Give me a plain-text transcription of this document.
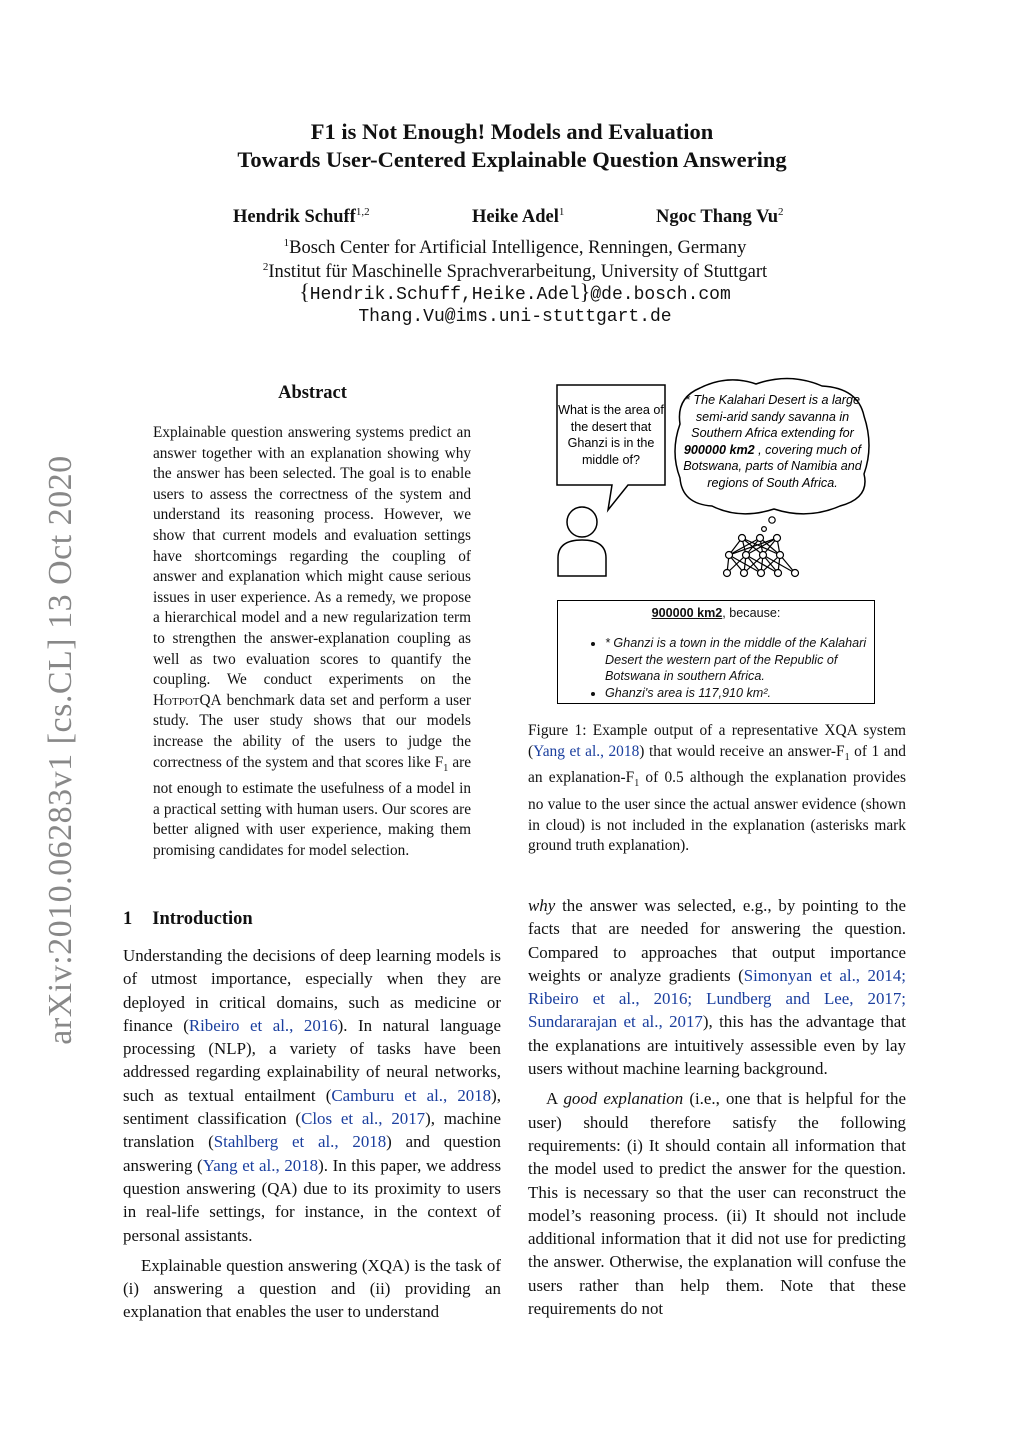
arXiv:2010.06283v1 [cs.CL] 13 Oct 2020
F1 is Not Enough! Models and Evaluation
Towards User-Centered Explainable Question Answering
Hendrik Schuff$^{1,2}$	Heike Adel$^1$	Ngoc Thang Vu$^2$
$^1$Bosch Center for Artificial Intelligence, Renningen, Germany
$^2$Institut für Maschinelle Sprachverarbeitung, University of Stuttgart
{Hendrik.Schuff,Heike.Adel}@de.bosch.com
Thang.Vu@ims.uni-stuttgart.de
Abstract
Explainable question answering systems predict an answer together with an explanation showing why the answer has been selected. The goal is to enable users to assess the correctness of the system and understand its reasoning process. However, we show that current models and evaluation settings have shortcomings regarding the coupling of answer and explanation which might cause serious issues in user experience. As a remedy, we propose a hierarchical model and a new regularization term to strengthen the answer-explanation coupling as well as two evaluation scores to quantify the coupling. We conduct experiments on the HotpotQA benchmark data set and perform a user study. The user study shows that our models increase the ability of the users to judge the correctness of the system and that scores like $F_1$ are not enough to estimate the usefulness of a model in a practical setting with human users. Our scores are better aligned with user experience, making them promising candidates for model selection.
What is the area of the desert that Ghanzi is in the middle of?
* The Kalahari Desert is a large semi-arid sandy savanna in Southern Africa extending for 900000 km2 , covering much of Botswana, parts of Namibia and regions of South Africa.
900000 km2, because:
• * Ghanzi is a town in the middle of the Kalahari Desert the western part of the Republic of Botswana in southern Africa.
• Ghanzi's area is 117,910 km².
Figure 1: Example output of a representative XQA system (Yang et al., 2018) that would receive an answer-$F_1$ of 1 and an explanation-$F_1$ of 0.5 although the explanation provides no value to the user since the actual answer evidence (shown in cloud) is not included in the explanation (asterisks mark ground truth explanation).
1 Introduction

Understanding the decisions of deep learning models is of utmost importance, especially when they are deployed in critical domains, such as medicine or finance (Ribeiro et al., 2016). In natural language processing (NLP), a variety of tasks have been addressed regarding explainability of neural networks, such as textual entailment (Camburu et al., 2018), sentiment classification (Clos et al., 2017), machine translation (Stahlberg et al., 2018) and question answering (Yang et al., 2018). In this paper, we address question answering (QA) due to its proximity to users in real-life settings, for instance, in the context of personal assistants.

Explainable question answering (XQA) is the task of (i) answering a question and (ii) providing an explanation that enables the user to understand

why the answer was selected, e.g., by pointing to the facts that are needed for answering the question. Compared to approaches that output importance weights or analyze gradients (Simonyan et al., 2014; Ribeiro et al., 2016; Lundberg and Lee, 2017; Sundararajan et al., 2017), this has the advantage that the explanations are intuitively assessible even by lay users without machine learning background.

A good explanation (i.e., one that is helpful for the user) should therefore satisfy the following requirements: (i) It should contain all information that the model used to predict the answer for the question. This is necessary so that the user can reconstruct the model’s reasoning process. (ii) It should not include additional information that it did not use for predicting the answer. Otherwise, the explanation will confuse the users rather than help them. Note that these requirements do not
